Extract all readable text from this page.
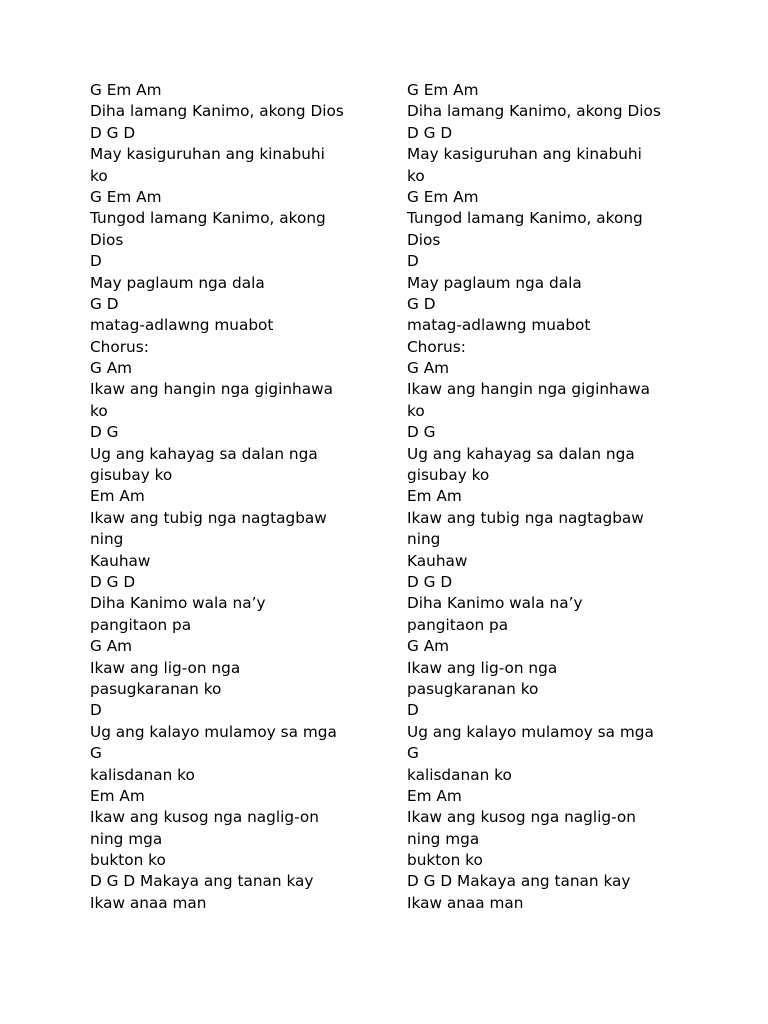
G Em Am
Diha lamang Kanimo, akong Dios
D G D
May kasiguruhan ang kinabuhi
ko
G Em Am
Tungod lamang Kanimo, akong
Dios
D
May paglaum nga dala
G D
matag-adlawng muabot
Chorus:
G Am
Ikaw ang hangin nga giginhawa
ko
D G
Ug ang kahayag sa dalan nga
gisubay ko
Em Am
Ikaw ang tubig nga nagtagbaw
ning
Kauhaw
D G D
Diha Kanimo wala na’y
pangitaon pa
G Am
Ikaw ang lig-on nga
pasugkaranan ko
D
Ug ang kalayo mulamoy sa mga
G
kalisdanan ko
Em Am
Ikaw ang kusog nga naglig-on
ning mga
bukton ko
D G D Makaya ang tanan kay
Ikaw anaa man
G Em Am
Diha lamang Kanimo, akong Dios
D G D
May kasiguruhan ang kinabuhi
ko
G Em Am
Tungod lamang Kanimo, akong
Dios
D
May paglaum nga dala
G D
matag-adlawng muabot
Chorus:
G Am
Ikaw ang hangin nga giginhawa
ko
D G
Ug ang kahayag sa dalan nga
gisubay ko
Em Am
Ikaw ang tubig nga nagtagbaw
ning
Kauhaw
D G D
Diha Kanimo wala na’y
pangitaon pa
G Am
Ikaw ang lig-on nga
pasugkaranan ko
D
Ug ang kalayo mulamoy sa mga
G
kalisdanan ko
Em Am
Ikaw ang kusog nga naglig-on
ning mga
bukton ko
D G D Makaya ang tanan kay
Ikaw anaa man
